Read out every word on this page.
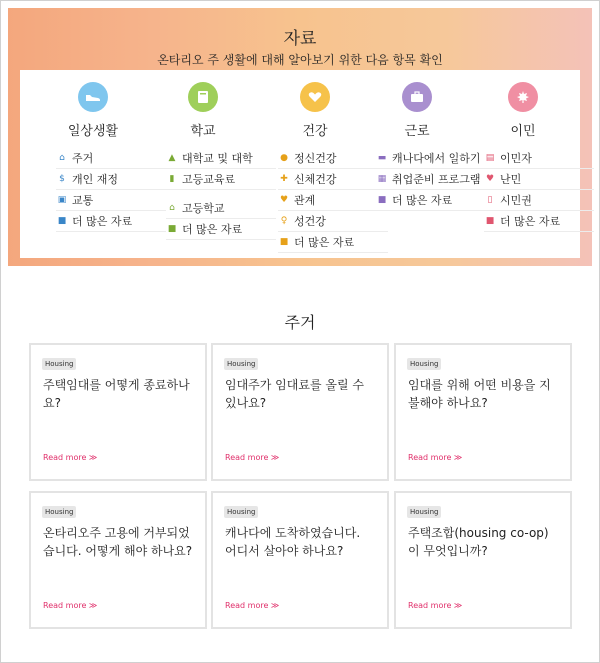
자료
온타리오 주 생활에 대해 알아보기 위한 다음 항목 확인
일상생활
⌂ 주거
$ 개인 재정
▣ 교통
■ 더 많은 자료
학교
▲ 대학교 및 대학
▮ 고등교육료
⌂ 고등학교
■ 더 많은 자료
건강
● 정신건강
✚ 신체건강
♥ 관계
♀ 성건강
■ 더 많은 자료
근로
▬ 캐나다에서 일하기
▦ 취업준비 프로그램
■ 더 많은 자료
이민
▤ 이민자
♥ 난민
▯ 시민권
■ 더 많은 자료
주거
Housing
주택임대를 어떻게 종료하나요?
Read more ≫
Housing
임대주가 임대료를 올릴 수 있나요?
Read more ≫
Housing
임대를 위해 어떤 비용을 지불해야 하나요?
Read more ≫
Housing
온타리오주 고용에 거부되었습니다. 어떻게 해야 하나요?
Read more ≫
Housing
캐나다에 도착하였습니다. 어디서 살아야 하나요?
Read more ≫
Housing
주택조합(housing co-op)이 무엇입니까?
Read more ≫
